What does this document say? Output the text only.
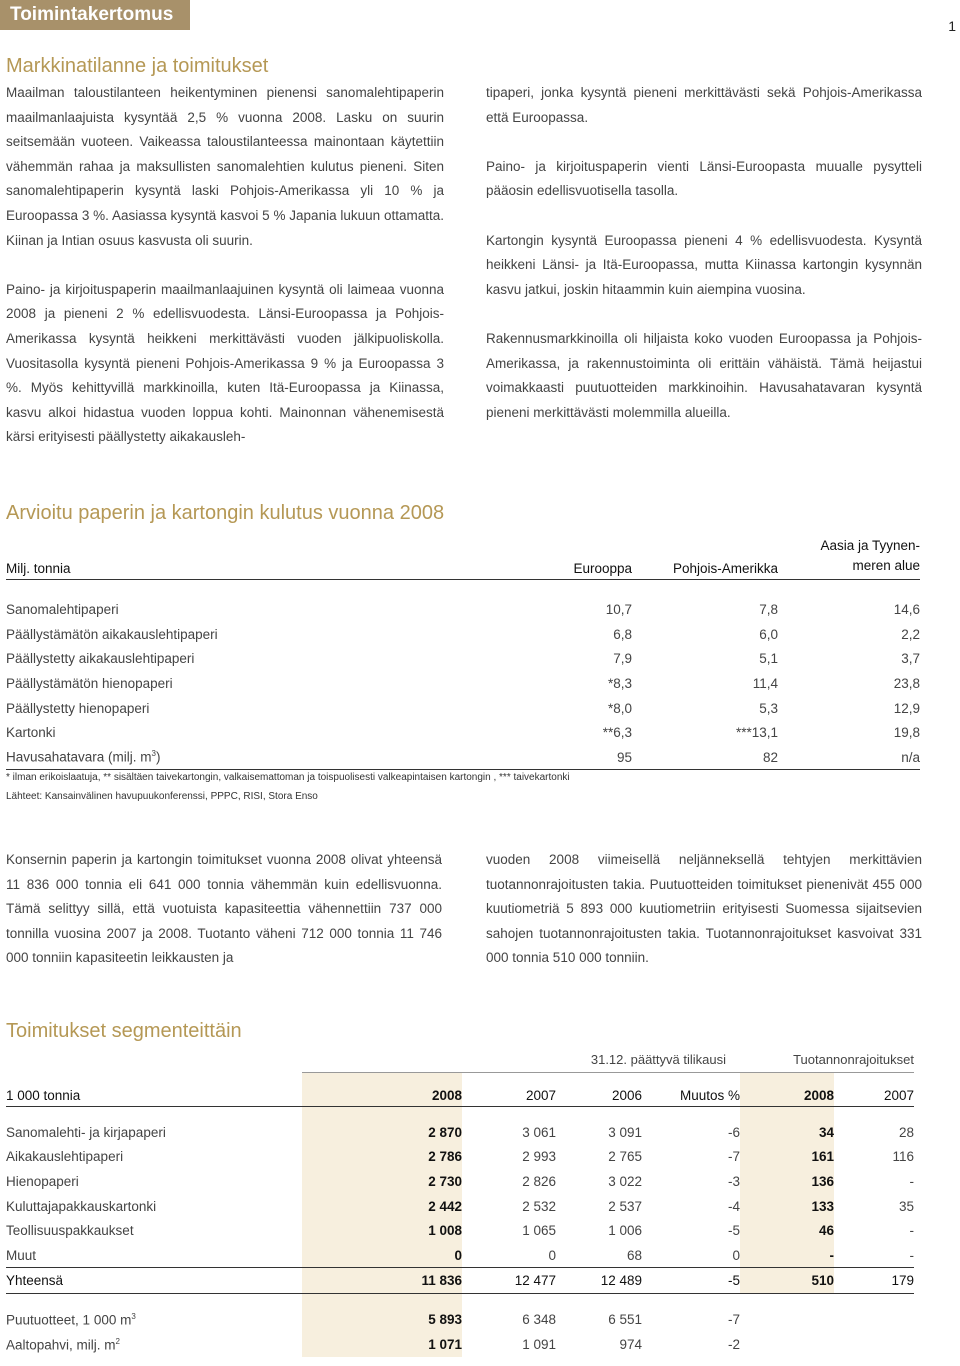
Toimintakertomus
1
Markkinatilanne ja toimitukset

Maailman taloustilanteen heikentyminen pienensi sanomalehtipaperin maailmanlaajuista kysyntää 2,5 % vuonna 2008. Lasku on suurin seitsemään vuoteen. Vaikeassa taloustilanteessa mainontaan käytettiin vähemmän rahaa ja maksullisten sanomalehtien kulutus pieneni. Siten sanomalehtipaperin kysyntä laski Pohjois-Amerikassa yli 10 % ja Euroopassa 3 %. Aasiassa kysyntä kasvoi 5 % Japania lukuun ottamatta. Kiinan ja Intian osuus kasvusta oli suurin.

Paino- ja kirjoituspaperin maailmanlaajuinen kysyntä oli laimeaa vuonna 2008 ja pieneni 2 % edellisvuodesta. Länsi-Euroopassa ja Pohjois-Amerikassa kysyntä heikkeni merkittävästi vuoden jälkipuoliskolla. Vuositasolla kysyntä pieneni Pohjois-Amerikassa 9 % ja Euroopassa 3 %. Myös kehittyvillä markkinoilla, kuten Itä-Euroopassa ja Kiinassa, kasvu alkoi hidastua vuoden loppua kohti. Mainonnan vähenemisestä kärsi erityisesti päällystetty aikakausleh-

tipaperi, jonka kysyntä pieneni merkittävästi sekä Pohjois-Amerikassa että Euroopassa.

Paino- ja kirjoituspaperin vienti Länsi-Euroopasta muualle pysytteli pääosin edellisvuotisella tasolla.

Kartongin kysyntä Euroopassa pieneni 4 % edellisvuodesta. Kysyntä heikkeni Länsi- ja Itä-Euroopassa, mutta Kiinassa kartongin kysynnän kasvu jatkui, joskin hitaammin kuin aiempina vuosina.

Rakennusmarkkinoilla oli hiljaista koko vuoden Euroopassa ja Pohjois-Amerikassa, ja rakennustoiminta oli erittäin vähäistä. Tämä heijastui voimakkaasti puutuotteiden markkinoihin. Havusahatavaran kysyntä pieneni merkittävästi molemmilla alueilla.

Arvioitu paperin ja kartongin kulutus vuonna 2008
Milj. tonnia	Eurooppa	Pohjois-Amerikka	Aasia ja Tyynen-
meren alue

Sanomalehtipaperi	10,7	7,8	14,6
Päällystämätön aikakauslehtipaperi	6,8	6,0	2,2
Päällystetty aikakauslehtipaperi	7,9	5,1	3,7
Päällystämätön hienopaperi	*8,3	11,4	23,8
Päällystetty hienopaperi	*8,0	5,3	12,9
Kartonki	**6,3	***13,1	19,8
Havusahatavara (milj. $m^3$)	95	82	n/a
* ilman erikoislaatuja, ** sisältäen taivekartongin, valkaisemattoman ja toispuolisesti valkeapintaisen kartongin , *** taivekartonki
Lähteet: Kansainvälinen havupuukonferenssi, PPPC, RISI, Stora Enso

Konsernin paperin ja kartongin toimitukset vuonna 2008 olivat yhteensä 11 836 000 tonnia eli 641 000 tonnia vähemmän kuin edellisvuonna. Tämä selittyy sillä, että vuotuista kapasiteettia vähennettiin 737 000 tonnilla vuosina 2007 ja 2008. Tuotanto väheni 712 000 tonnia 11 746 000 tonniin kapasiteetin leikkausten ja

vuoden 2008 viimeisellä neljänneksellä tehtyjen merkittävien tuotannonrajoitusten takia. Puutuotteiden toimitukset pienenivät 455 000 kuutiometriä 5 893 000 kuutiometriin erityisesti Suomessa sijaitsevien sahojen tuotannonrajoitusten takia. Tuotannonrajoitukset kasvoivat 331 000 tonnia 510 000 tonniin.

Toimitukset segmenteittäin
	31.12. päättyvä tilikausi				Tuotannonrajoitukset	
1 000 tonnia	2008	2007	2006	Muutos %	2008	2007

Sanomalehti- ja kirjapaperi	2 870	3 061	3 091	-6	34	28
Aikakauslehtipaperi	2 786	2 993	2 765	-7	161	116
Hienopaperi	2 730	2 826	3 022	-3	136	-
Kuluttajapakkauskartonki	2 442	2 532	2 537	-4	133	35
Teollisuuspakkaukset	1 008	1 065	1 006	-5	46	-
Muut	0	0	68	0	-	-
Yhteensä	11 836	12 477	12 489	-5	510	179

Puutuotteet, 1 000 $m^3$	5 893	6 348	6 551	-7		
Aaltopahvi, milj. $m^2$	1 071	1 091	974	-2		
